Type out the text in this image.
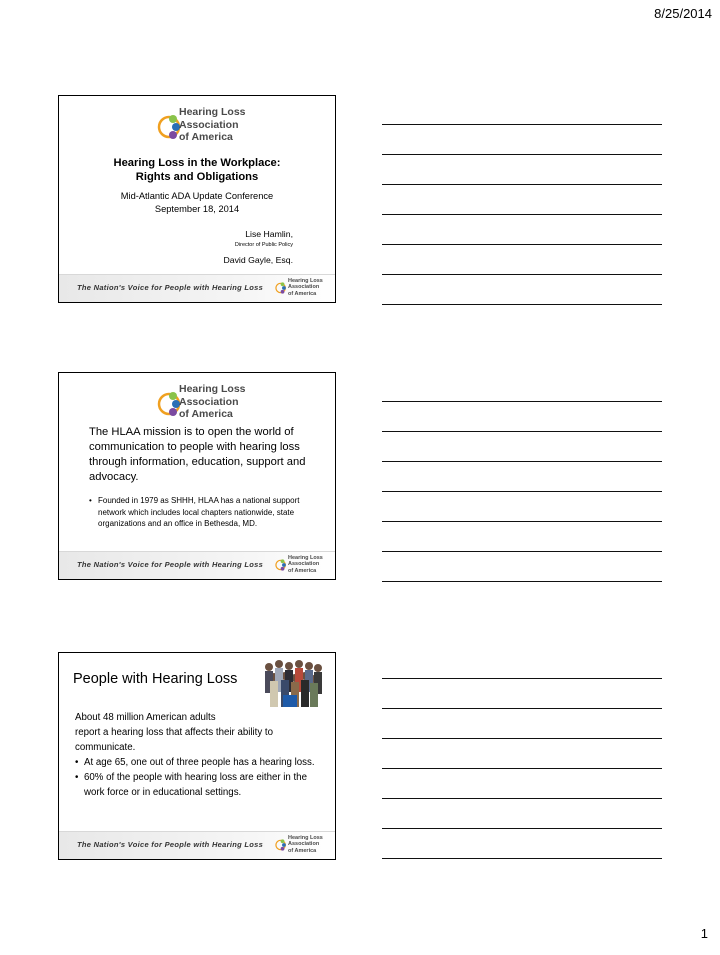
8/25/2014
Hearing Loss
Association
of America
Hearing Loss in the Workplace:
Rights and Obligations
Mid-Atlantic ADA Update Conference
September 18, 2014
Lise Hamlin,
Director of Public Policy
David Gayle, Esq.
The Nation's Voice for People with Hearing Loss
Hearing Loss
Association
of America
Hearing Loss
Association
of America
The HLAA mission is to open the world of communication to people with hearing loss through information, education, support and advocacy.
• Founded in 1979 as SHHH, HLAA has a national support network which includes local chapters nationwide, state organizations and an office in Bethesda, MD.
The Nation's Voice for People with Hearing Loss
Hearing Loss
Association
of America
People with Hearing Loss

About 48 million American adults

report a hearing loss that affects their ability to communicate.

• At age 65, one out of three people has a hearing loss.

• 60% of the people with hearing loss are either in the work force or in educational settings.

The Nation's Voice for People with Hearing Loss
Hearing Loss
Association
of America
1
